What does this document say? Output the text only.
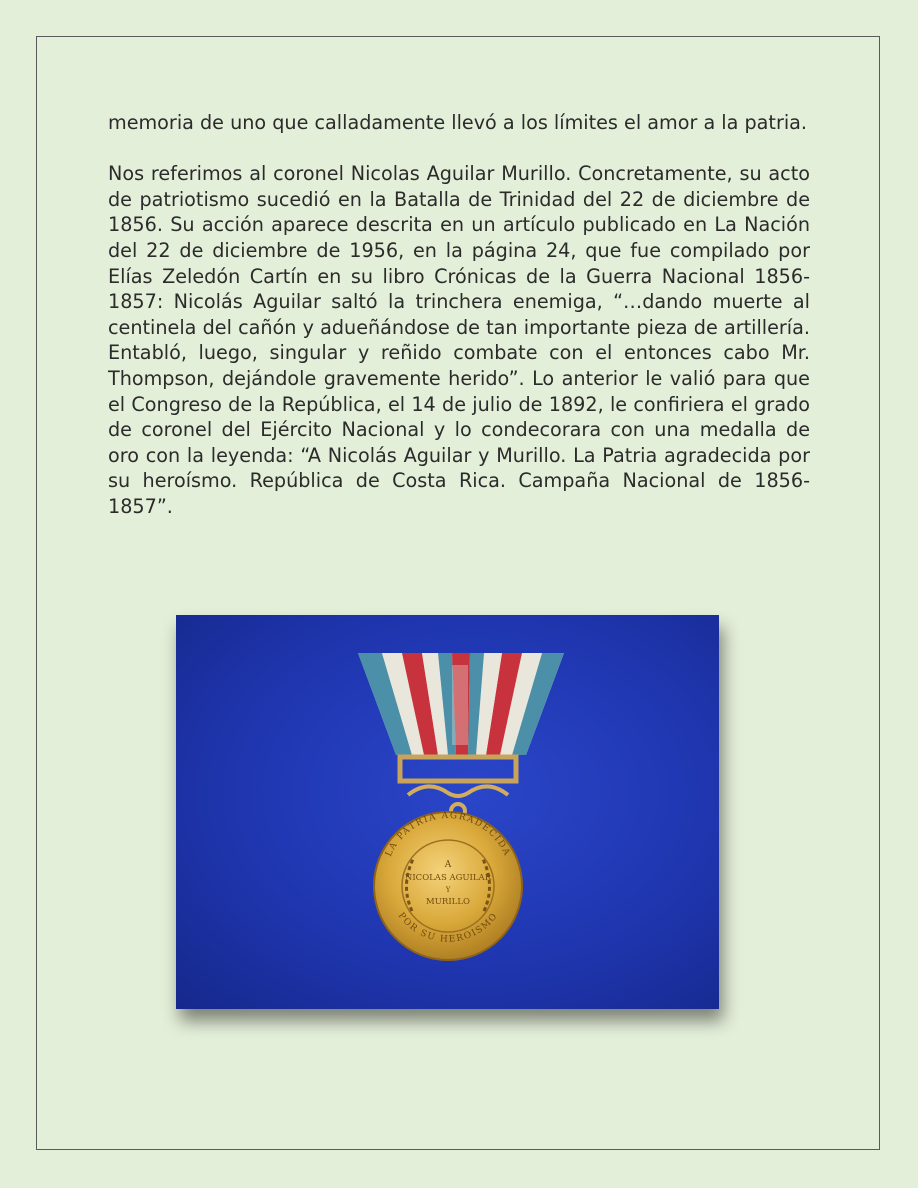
memoria de uno que calladamente llevó a los límites el amor a la patria.

Nos referimos al coronel Nicolas Aguilar Murillo. Concretamente, su acto de patriotismo sucedió en la Batalla de Trinidad del 22 de diciembre de 1856. Su acción aparece descrita en un artículo publicado en La Nación del 22 de diciembre de 1956, en la página 24, que fue compilado por Elías Zeledón Cartín en su libro Crónicas de la Guerra Nacional 1856- 1857: Nicolás Aguilar saltó la trinchera enemiga, “…dando muerte al centinela del cañón y adueñándose de tan importante pieza de artillería. Entabló, luego, singular y reñido combate con el entonces cabo Mr. Thompson, dejándole gravemente herido”. Lo anterior le valió para que el Congreso de la República, el 14 de julio de 1892, le confiriera el grado de coronel del Ejército Nacional y lo condecorara con una medalla de oro con la leyenda: “A Nicolás Aguilar y Murillo. La Patria agradecida por su heroísmo. República de Costa Rica. Campaña Nacional de 1856-1857”.

LA PATRIA AGRADECIDA
POR SU HEROISMO
A
NICOLAS AGUILAR
Y
MURILLO
